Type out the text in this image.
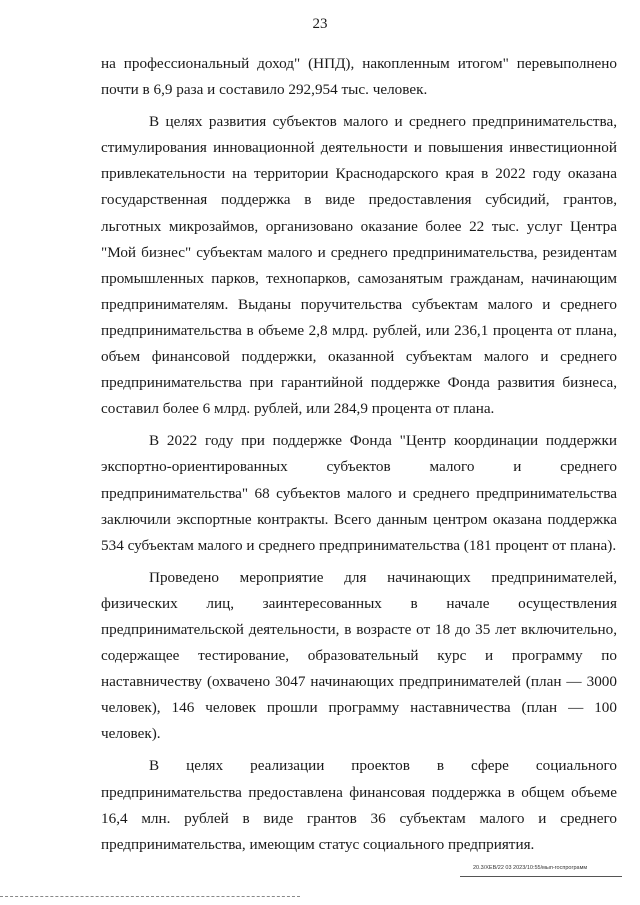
23

на профессиональный доход" (НПД), накопленным итогом" перевыполнено почти в 6,9 раза и составило 292,954 тыс. человек.

В целях развития субъектов малого и среднего предпринимательства, стимулирования инновационной деятельности и повышения инвестиционной привлекательности на территории Краснодарского края в 2022 году оказана государственная поддержка в виде предоставления субсидий, грантов, льготных микрозаймов, организовано оказание более 22 тыс. услуг Центра "Мой бизнес" субъектам малого и среднего предпринимательства, резидентам промышленных парков, технопарков, самозанятым гражданам, начинающим предпринимателям. Выданы поручительства субъектам малого и среднего предпринимательства в объеме 2,8 млрд. рублей, или 236,1 процента от плана, объем финансовой поддержки, оказанной субъектам малого и среднего предпринимательства при гарантийной поддержке Фонда развития бизнеса, составил более 6 млрд. рублей, или 284,9 процента от плана.

В 2022 году при поддержке Фонда "Центр координации поддержки экспортно-ориентированных субъектов малого и среднего предпринимательства" 68 субъектов малого и среднего предпринимательства заключили экспортные контракты. Всего данным центром оказана поддержка 534 субъектам малого и среднего предпринимательства (181 процент от плана).

Проведено мероприятие для начинающих предпринимателей, физических лиц, заинтересованных в начале осуществления предпринимательской деятельности, в возрасте от 18 до 35 лет включительно, содержащее тестирование, образовательный курс и программу по наставничеству (охвачено 3047 начинающих предпринимателей (план — 3000 человек), 146 человек прошли программу наставничества (план — 100 человек).

В целях реализации проектов в сфере социального предпринимательства предоставлена финансовая поддержка в общем объеме 16,4 млн. рублей в виде грантов 36 субъектам малого и среднего предпринимательства, имеющим статус социального предприятия.

20.3/ХЕВ/22 03 2023/10:55/мып-госпрограмм
